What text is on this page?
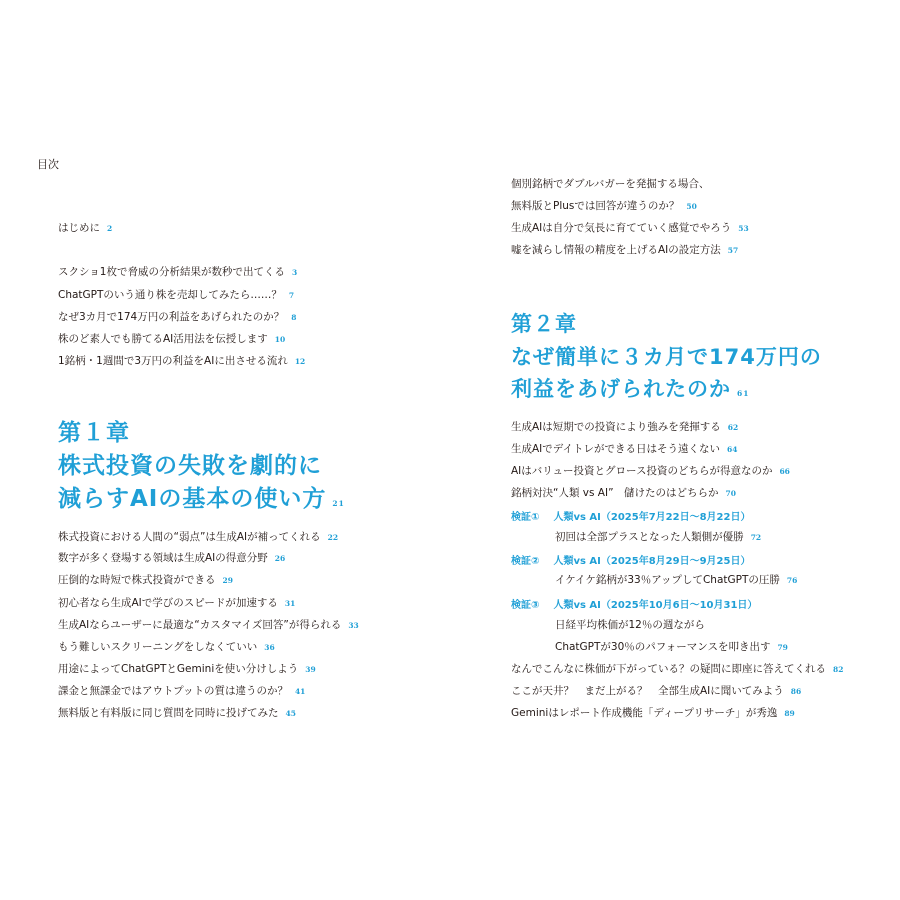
目次
はじめに 2
スクショ1枚で脅威の分析結果が数秒で出てくる 3
ChatGPTのいう通り株を売却してみたら……？ 7
なぜ3カ月で174万円の利益をあげられたのか？ 8
株のど素人でも勝てるAI活用法を伝授します 10
1銘柄・1週間で3万円の利益をAIに出させる流れ 12
第１章
株式投資の失敗を劇的に
減らすAIの基本の使い方 21
株式投資における人間の“弱点”は生成AIが補ってくれる 22
数字が多く登場する領域は生成AIの得意分野 26
圧倒的な時短で株式投資ができる 29
初心者なら生成AIで学びのスピードが加速する 31
生成AIならユーザーに最適な“カスタマイズ回答”が得られる 33
もう難しいスクリーニングをしなくていい 36
用途によってChatGPTとGeminiを使い分けしよう 39
課金と無課金ではアウトプットの質は違うのか？ 41
無料版と有料版に同じ質問を同時に投げてみた 45
個別銘柄でダブルバガーを発掘する場合、
無料版とPlusでは回答が違うのか？ 50
生成AIは自分で気長に育てていく感覚でやろう 53
嘘を減らし情報の精度を上げるAIの設定方法 57
第２章
なぜ簡単に３カ月で174万円の
利益をあげられたのか 61
生成AIは短期での投資により強みを発揮する 62
生成AIでデイトレができる日はそう遠くない 64
AIはバリュー投資とグロース投資のどちらが得意なのか 66
銘柄対決“人類 vs AI”　儲けたのはどちらか 70
検証① 人類vs AI（2025年7月22日〜8月22日）
初回は全部プラスとなった人類側が優勝 72
検証② 人類vs AI（2025年8月29日〜9月25日）
イケイケ銘柄が33％アップしてChatGPTの圧勝 76
検証③ 人類vs AI（2025年10月6日〜10月31日）
日経平均株価が12％の週ながら
ChatGPTが30％のパフォーマンスを叩き出す 79
なんでこんなに株価が下がっている？の疑問に即座に答えてくれる 82
ここが天井？　まだ上がる？　全部生成AIに聞いてみよう 86
Geminiはレポート作成機能「ディープリサーチ」が秀逸 89
